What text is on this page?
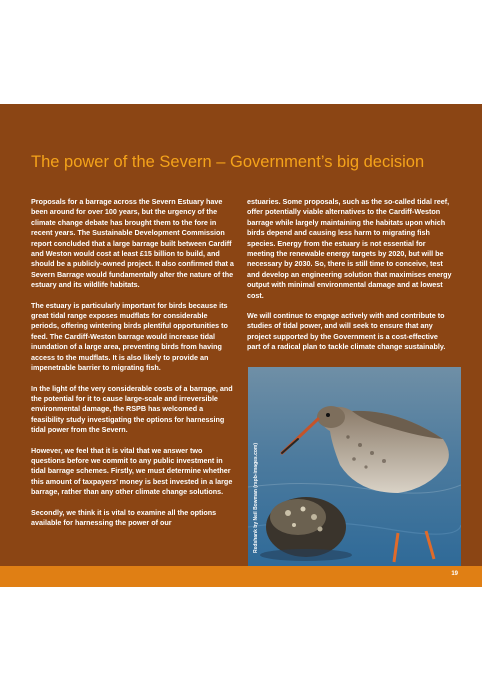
The power of the Severn – Government’s big decision

Proposals for a barrage across the Severn Estuary have been around for over 100 years, but the urgency of the climate change debate has brought them to the fore in recent years. The Sustainable Development Commission report concluded that a large barrage built between Cardiff and Weston would cost at least £15 billion to build, and should be a publicly-owned project. It also confirmed that a Severn Barrage would fundamentally alter the nature of the estuary and its wildlife habitats.

The estuary is particularly important for birds because its great tidal range exposes mudflats for considerable periods, offering wintering birds plentiful opportunities to feed. The Cardiff-Weston barrage would increase tidal inundation of a large area, preventing birds from having access to the mudflats. It is also likely to provide an impenetrable barrier to migrating fish.

In the light of the very considerable costs of a barrage, and the potential for it to cause large-scale and irreversible environmental damage, the RSPB has welcomed a feasibility study investigating the options for harnessing tidal power from the Severn.

However, we feel that it is vital that we answer two questions before we commit to any public investment in tidal barrage schemes. Firstly, we must determine whether this amount of taxpayers’ money is best invested in a large barrage, rather than any other climate change solutions.

Secondly, we think it is vital to examine all the options available for harnessing the power of our

estuaries. Some proposals, such as the so-called tidal reef, offer potentially viable alternatives to the Cardiff-Weston barrage while largely maintaining the habitats upon which birds depend and causing less harm to migrating fish species. Energy from the estuary is not essential for meeting the renewable energy targets by 2020, but will be necessary by 2030. So, there is still time to conceive, test and develop an engineering solution that maximises energy output with minimal environmental damage and at lowest cost.

We will continue to engage actively with and contribute to studies of tidal power, and will seek to ensure that any project supported by the Government is a cost-effective part of a radical plan to tackle climate change sustainably.

Redshank by Neil Bowman (rspb-images.com)
19
